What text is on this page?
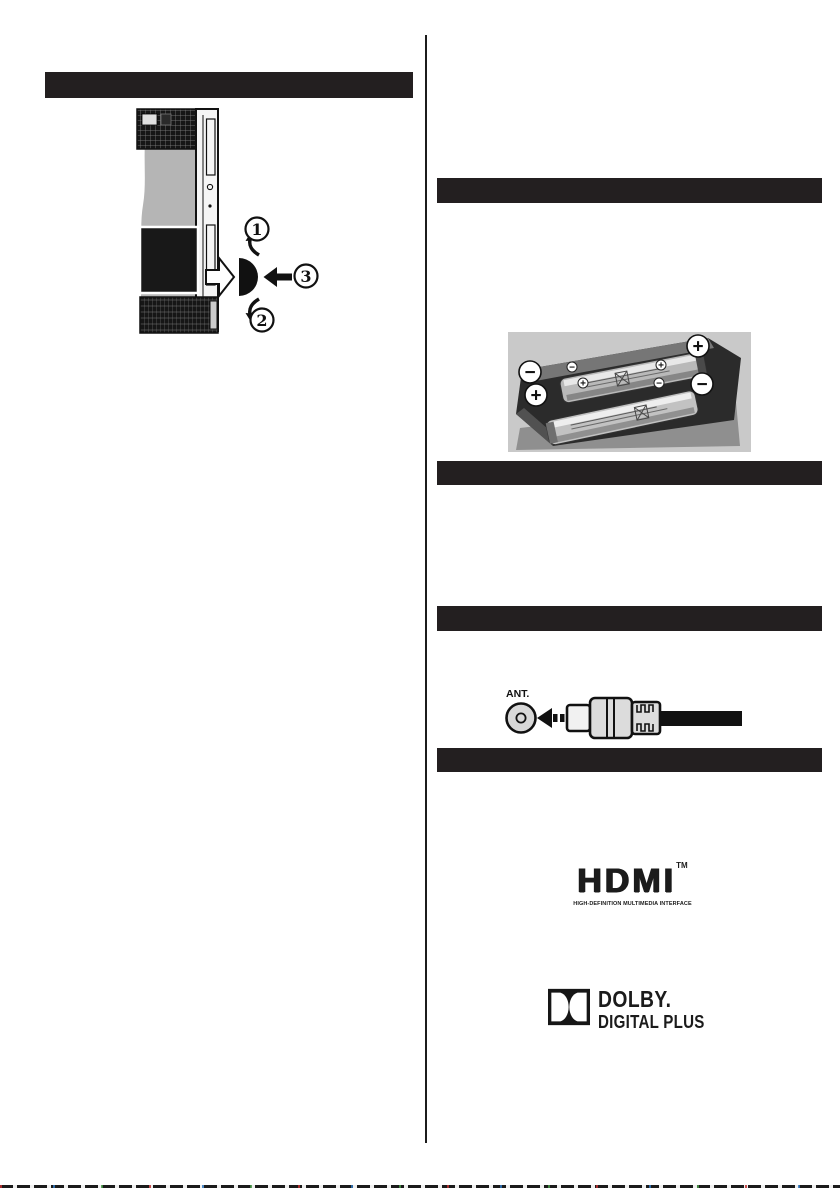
1
2
3
+
−
+
−
−
+
+
−
ANT.
HDMI™
HIGH-DEFINITION MULTIMEDIA INTERFACE
DOLBY.
DIGITAL PLUS
